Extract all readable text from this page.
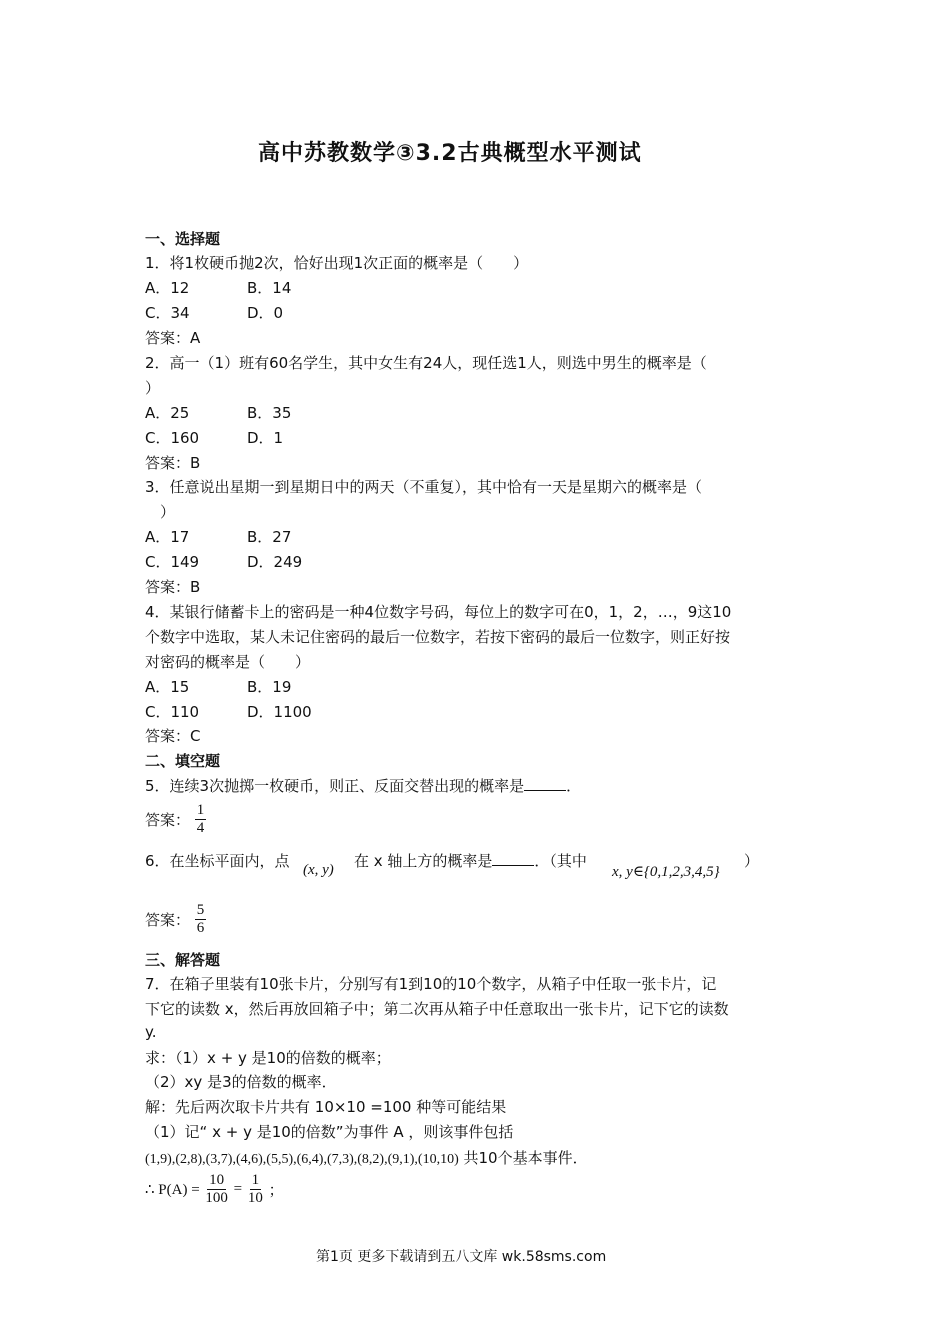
高中苏教数学③3.2古典概型水平测试
一、选择题
1．将1枚硬币抛2次，恰好出现1次正面的概率是（　　）
A．12	B．14
C．34	D．0
答案：A
2．高一（1）班有60名学生，其中女生有24人，现任选1人，则选中男生的概率是（
）
A．25	B．35
C．160	D．1
答案：B
3．任意说出星期一到星期日中的两天（不重复），其中恰有一天是星期六的概率是（
）
A．17	B．27
C．149	D．249
答案：B
4．某银行储蓄卡上的密码是一种4位数字号码，每位上的数字可在0，1，2，…，9这10
个数字中选取，某人未记住密码的最后一位数字，若按下密码的最后一位数字，则正好按
对密码的概率是（　　）
A．15	B．19
C．110	D．1100
答案：C
二、填空题
5．连续3次抛掷一枚硬币，则正、反面交替出现的概率是	．
答案： $\frac{1}{4}$
6．在坐标平面内，点 (x, y) 在 x 轴上方的概率是	．（其中
x, y∈{0,1,2,3,4,5}
）
答案： $\frac{5}{6}$
三、解答题
7．在箱子里装有10张卡片，分别写有1到10的10个数字，从箱子中任取一张卡片，记
下它的读数 x，然后再放回箱子中；第二次再从箱子中任意取出一张卡片，记下它的读数
y.
求：（1）x + y 是10的倍数的概率；
（2）xy 是3的倍数的概率．
解：先后两次取卡片共有 10×10 =100 种等可能结果
（1）记“ x + y 是10的倍数”为事件 A ，则该事件包括
(1,9),(2,8),(3,7),(4,6),(5,5),(6,4),(7,3),(8,2),(9,1),(10,10) 共10个基本事件．
∴ $P(A) = \frac{10}{100} = \frac{1}{10}$ ；
第1页 更多下载请到五八文库 wk.58sms.com
